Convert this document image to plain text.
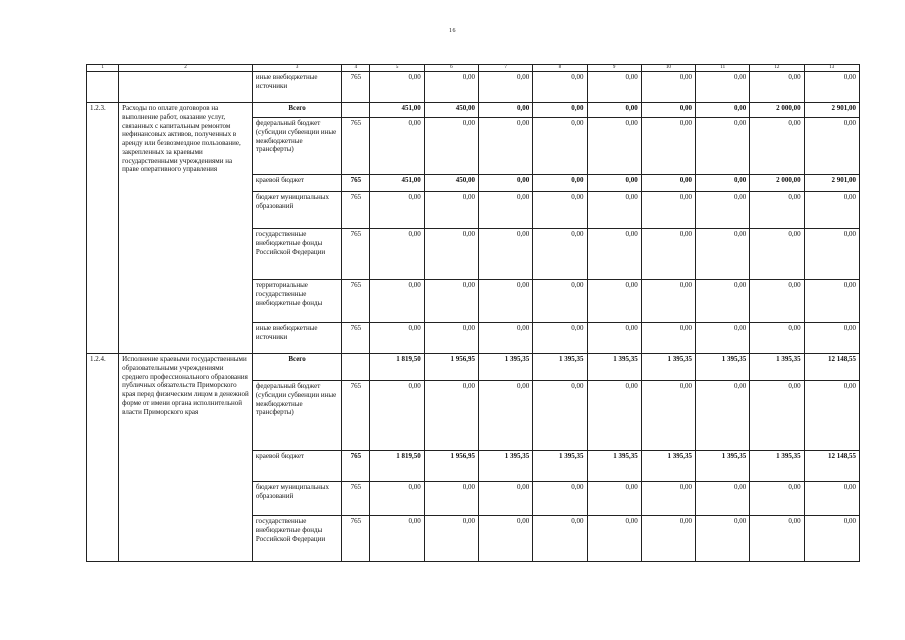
16
1	2	3	4	5	6	7	8	9	10	11	12	13
		иные внебюджетные источники	765	0,00	0,00	0,00	0,00	0,00	0,00	0,00	0,00	0,00
1.2.3.	Расходы по оплате договоров на выполнение работ, оказание услуг, связанных с капитальным ремонтом нефинансовых активов, полученных в аренду или безвозмездное пользование, закрепленных за краевыми государственными учреждениями на праве оперативного управления	Всего		451,00	450,00	0,00	0,00	0,00	0,00	0,00	2 000,00	2 901,00
		федеральный бюджет (субсидии субвенции иные межбюджетные трансферты)	765	0,00	0,00	0,00	0,00	0,00	0,00	0,00	0,00	0,00
		краевой бюджет	765	451,00	450,00	0,00	0,00	0,00	0,00	0,00	2 000,00	2 901,00
		бюджет муниципальных образований	765	0,00	0,00	0,00	0,00	0,00	0,00	0,00	0,00	0,00
		государственные внебюджетные фонды Российской Федерации	765	0,00	0,00	0,00	0,00	0,00	0,00	0,00	0,00	0,00
		территориальные государственные внебюджетные фонды	765	0,00	0,00	0,00	0,00	0,00	0,00	0,00	0,00	0,00
		иные внебюджетные источники	765	0,00	0,00	0,00	0,00	0,00	0,00	0,00	0,00	0,00
1.2.4.	Исполнение краевыми государственными образовательными учреждениями среднего профессионального образования публичных обязательств Приморского края перед физическим лицом в денежной форме от имени органа исполнительной власти Приморского края	Всего		1 819,50	1 956,95	1 395,35	1 395,35	1 395,35	1 395,35	1 395,35	1 395,35	12 148,55
		федеральный бюджет (субсидии субвенции иные межбюджетные трансферты)	765	0,00	0,00	0,00	0,00	0,00	0,00	0,00	0,00	0,00
		краевой бюджет	765	1 819,50	1 956,95	1 395,35	1 395,35	1 395,35	1 395,35	1 395,35	1 395,35	12 148,55
		бюджет муниципальных образований	765	0,00	0,00	0,00	0,00	0,00	0,00	0,00	0,00	0,00
		государственные внебюджетные фонды Российской Федерации	765	0,00	0,00	0,00	0,00	0,00	0,00	0,00	0,00	0,00
